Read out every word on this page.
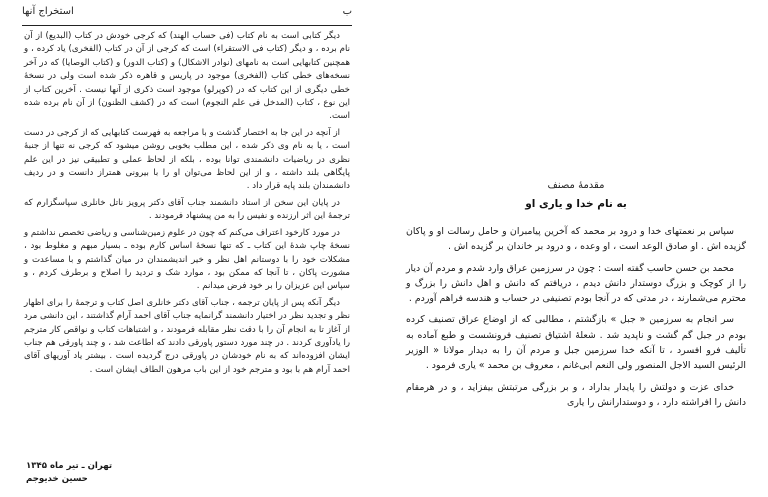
ب
استخراج آنها

دیگر کتابی است به نام کتاب (فی حساب الهند) که کرجی خودش در کتاب (البدیع) از آن نام برده ، و دیگر (کتاب فی الاستقراء) است که کرجی از آن در کتاب (الفخری) یاد کرده ، و همچنین کتابهایی است به نامهای (نوادر الاشکال) و (کتاب الدور) و (کتاب الوصایا) که در آخر نسخه‌های خطی کتاب (الفخری) موجود در پاریس و قاهره ذکر شده است ولی در نسخهٔ خطی دیگری از این کتاب که در (کوپرلو) موجود است ذکری از آنها نیست . آخرین کتاب از این نوع ، کتاب (المدخل فی علم النجوم) است که در (کشف الظنون) از آن نام برده شده است.

از آنچه در این جا به اختصار گذشت و با مراجعه به فهرست کتابهایی که از کرجی در دست است ، یا به نام وی ذکر شده ، این مطلب بخوبی روشن میشود که کرجی نه تنها از جنبهٔ نظری در ریاضیات دانشمندی توانا بوده ، بلکه از لحاظ عملی و تطبیقی نیز در این علم پایگاهی بلند داشته ، و از این لحاظ می‌توان او را با بیرونی همتراز دانست و در ردیف دانشمندان بلند پایه قرار داد .

در پایان این سخن از استاد دانشمند جناب آقای دکتر پرویز ناتل خانلری سپاسگزارم که ترجمهٔ این اثر ارزنده و نفیس را به من پیشنهاد فرمودند .

در مورد کارخود اعتراف می‌کنم که چون در علوم زمین‌شناسی و ریاضی تخصص نداشتم و نسخهٔ چاپ شدهٔ این کتاب ـ که تنها نسخهٔ اساس کارم بوده ـ بسیار مبهم و مغلوط بود ، مشکلات خود را با دوستانم اهل نظر و خیر اندیشمندان در میان گذاشتم و با مساعدت و مشورت پاکان ، تا آنجا که ممکن بود ، موارد شک و تردید را اصلاح و برطرف کردم ، و سپاس این عزیزان را بر خود فرض میدانم .

دیگر آنکه پس از پایان ترجمه ، جناب آقای دکتر خانلری اصل کتاب و ترجمهٔ را برای اظهار نظر و تجدید نظر در اختیار دانشمند گرانمایه جناب آقای احمد آرام گذاشتند ، این دانشی مرد از آغاز تا به انجام آن را با دقت نظر مقابله فرمودند ، و اشتباهات کتاب و نواقص کار مترجم را یادآوری کردند . در چند مورد دستور پاورقی دادند که اطاعت شد ، و چند پاورقی هم جناب ایشان افزوده‌اند که به نام خودشان در پاورقی درج گردیده است . بیشتر یاد آوریهای آقای احمد آرام هم با بود و مترجم خود از این باب مرهون الطاف ایشان است .

تهران ـ تیر ماه ۱۳۴۵
حسین خدیوجم
مقدمهٔ مصنف
به نام خدا و یاری او

سپاس بر نعمتهای خدا و درود بر محمد که آخرین پیامبران و حامل رسالت او و پاکان گزیده اش . او صادق الوعد است ، او وعده ، و درود بر خاندان بر گزیده اش .

محمد بن حسن حاسب گفته است : چون در سرزمین عراق وارد شدم و مردم آن دیار را از کوچک و بزرگ دوستدار دانش دیدم ، دریافتم که دانش و اهل دانش را بزرگ و محترم می‌شمارند ، در مدتی که در آنجا بودم تصنیفی در حساب و هندسه فراهم آوردم .

سر انجام به سرزمین « جبل » بازگشتم ، مطالبی که از اوضاع عراق تصنیف کرده بودم در جبل گم گشت و ناپدید شد . شعلهٔ اشتیاق تصنیف فرونشست و طبع آماده به تألیف فرو افسرد ، تا آنکه خدا سرزمین جبل و مردم آن را به دیدار مولانا « الوزیر الرئیس السید الاجل المنصور ولی النعم ابی‌غانم ، معروف بن محمد » یاری فرمود .

خدای عزت و دولتش را پایدار بداراد ، و بر بزرگی مرتبتش بیفزاید ، و در هرمقام دانش را افراشته دارد ، و دوستدارانش را یاری
